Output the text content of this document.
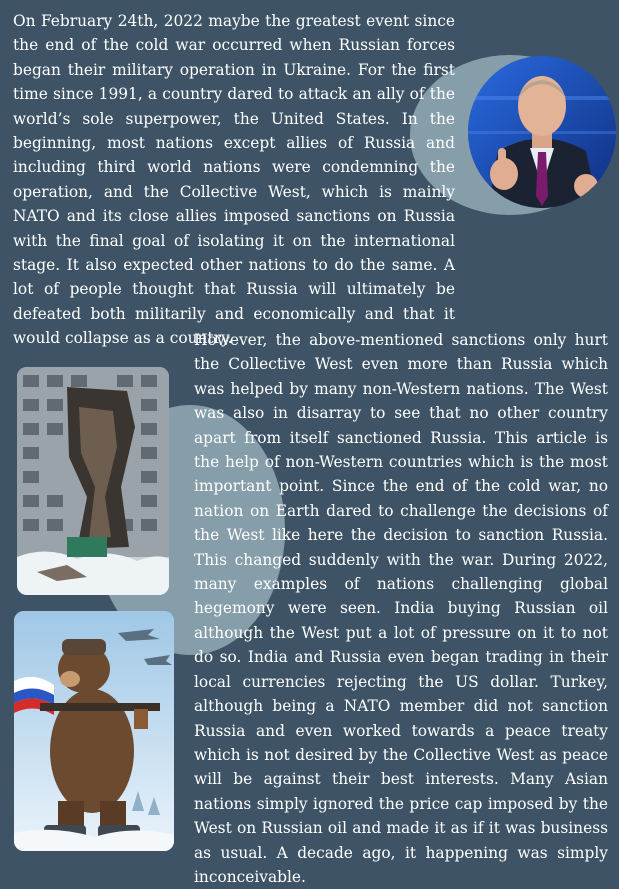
On February 24th, 2022 maybe the greatest event since the end of the cold war occurred when Russian forces began their military operation in Ukraine. For the first time since 1991, a country dared to attack an ally of the world’s sole superpower, the United States. In the beginning, most nations except allies of Russia and including third world nations were condemning the operation, and the Collective West, which is mainly NATO and its close allies imposed sanctions on Russia with the final goal of isolating it on the international stage. It also expected other nations to do the same. A lot of people thought that Russia will ultimately be defeated both militarily and economically and that it would collapse as a country.

However, the above-mentioned sanctions only hurt the Collective West even more than Russia which was helped by many non-Western nations. The West was also in disarray to see that no other country apart from itself sanctioned Russia. This article is the help of non-Western countries which is the most important point. Since the end of the cold war, no nation on Earth dared to challenge the decisions of the West like here the decision to sanction Russia. This changed suddenly with the war. During 2022, many examples of nations challenging global hegemony were seen. India buying Russian oil although the West put a lot of pressure on it to not do so. India and Russia even began trading in their local currencies rejecting the US dollar. Turkey, although being a NATO member did not sanction Russia and even worked towards a peace treaty which is not desired by the Collective West as peace will be against their best interests. Many Asian nations simply ignored the price cap imposed by the West on Russian oil and made it as if it was business as usual. A decade ago, it happening was simply inconceivable.
